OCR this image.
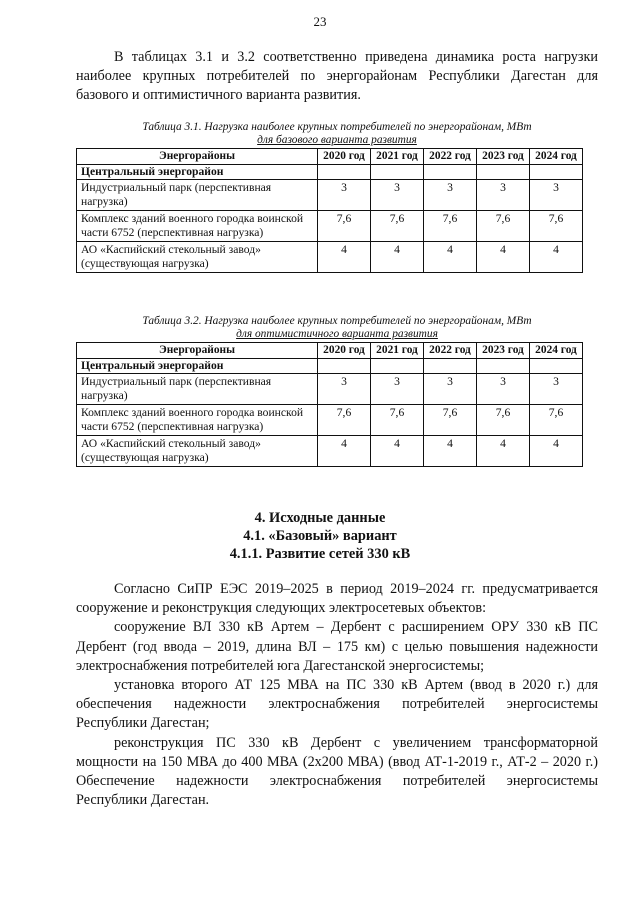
23

В таблицах 3.1 и 3.2 соответственно приведена динамика роста нагрузки наиболее крупных потребителей по энергорайонам Республики Дагестан для базового и оптимистичного варианта развития.

Таблица 3.1. Нагрузка наиболее крупных потребителей по энергорайонам, МВт
для базового варианта развития

Энергорайоны	2020 год	2021 год	2022 год	2023 год	2024 год
Центральный энергорайон					
Индустриальный парк (перспективная нагрузка)	3	3	3	3	3
Комплекс зданий военного городка воинской части 6752 (перспективная нагрузка)	7,6	7,6	7,6	7,6	7,6
АО «Каспийский стекольный завод» (существующая нагрузка)	4	4	4	4	4

Таблица 3.2. Нагрузка наиболее крупных потребителей по энергорайонам, МВт
для оптимистичного варианта развития

Энергорайоны	2020 год	2021 год	2022 год	2023 год	2024 год
Центральный энергорайон					
Индустриальный парк (перспективная нагрузка)	3	3	3	3	3
Комплекс зданий военного городка воинской части 6752 (перспективная нагрузка)	7,6	7,6	7,6	7,6	7,6
АО «Каспийский стекольный завод» (существующая нагрузка)	4	4	4	4	4
4. Исходные данные
4.1. «Базовый» вариант
4.1.1. Развитие сетей 330 кВ

Согласно СиПР ЕЭС 2019–2025 в период 2019–2024 гг. предусматривается сооружение и реконструкция следующих электросетевых объектов:

сооружение ВЛ 330 кВ Артем – Дербент с расширением ОРУ 330 кВ ПС Дербент (год ввода – 2019, длина ВЛ – 175 км) с целью повышения надежности электроснабжения потребителей юга Дагестанской энергосистемы;

установка второго АТ 125 МВА на ПС 330 кВ Артем (ввод в 2020 г.) для обеспечения надежности электроснабжения потребителей энергосистемы Республики Дагестан;

реконструкция ПС 330 кВ Дербент с увеличением трансформаторной мощности на 150 МВА до 400 МВА (2х200 МВА) (ввод АТ-1-2019 г., АТ-2 – 2020 г.) Обеспечение надежности электроснабжения потребителей энергосистемы Республики Дагестан.
